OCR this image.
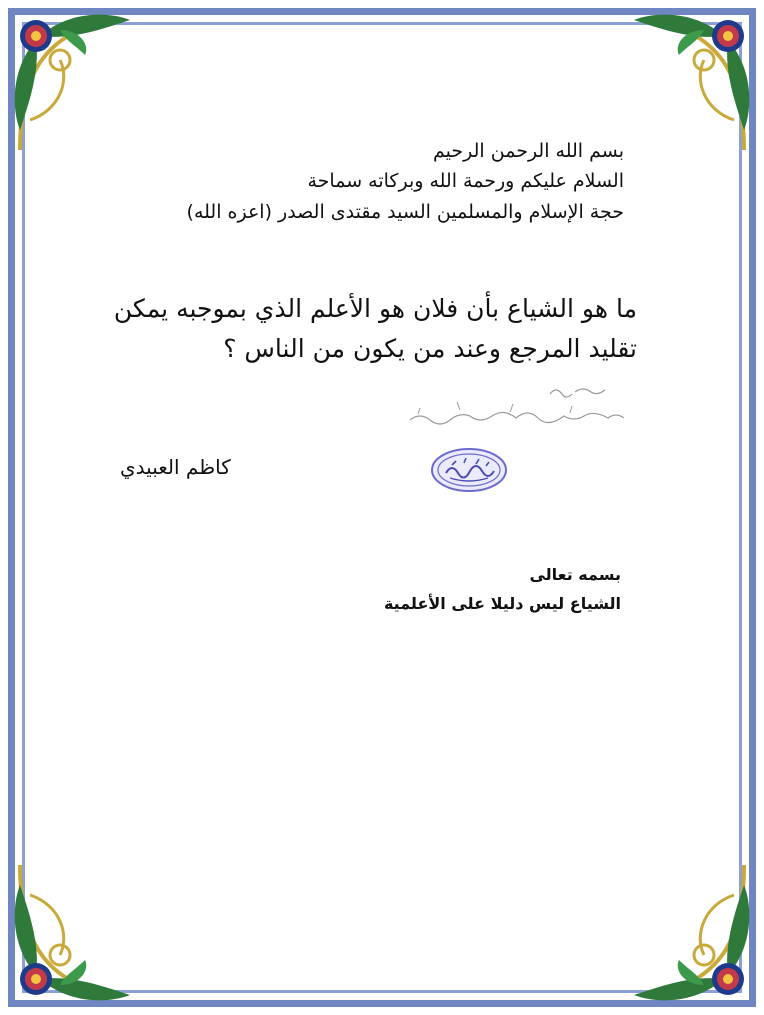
بسم الله الرحمن الرحيم
السلام عليكم ورحمة الله وبركاته سماحة
حجة الإسلام والمسلمين السيد مقتدى الصدر (اعزه الله)
ما هو الشياع بأن فلان هو الأعلم الذي بموجبه يمكن
تقليد المرجع وعند من يكون من الناس ؟
كاظم العبيدي
بسمه تعالى
الشياع ليس دليلا على الأعلمية
